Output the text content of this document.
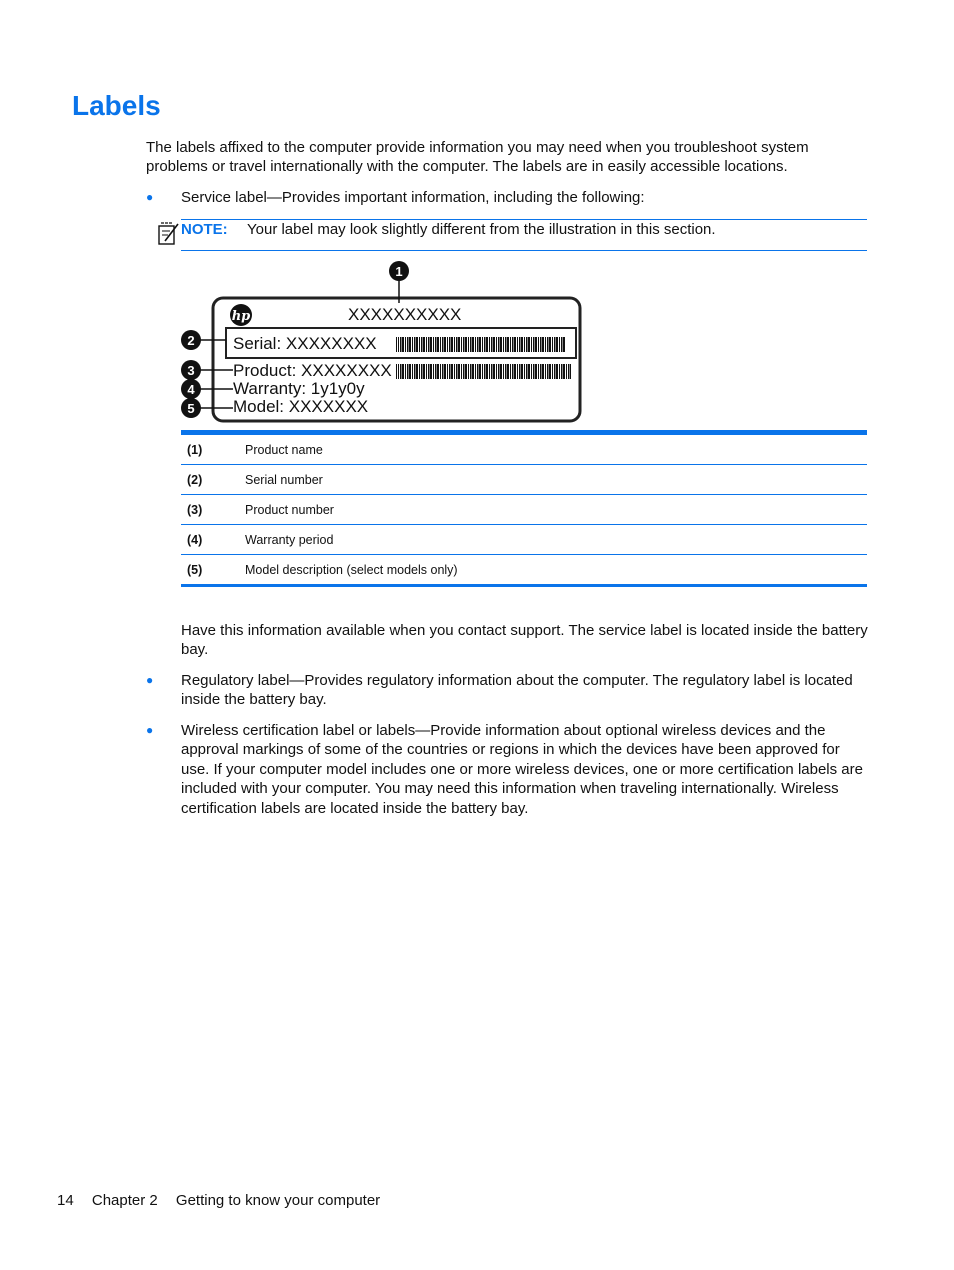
Labels

The labels affixed to the computer provide information you may need when you troubleshoot system problems or travel internationally with the computer. The labels are in easily accessible locations.

● Service label—Provides important information, including the following:
NOTE: Your label may look slightly different from the illustration in this section.
hp	XXXXXXXXXX
Serial: XXXXXXXX
Product: XXXXXXXX
Warranty: 1y1y0y
Model: XXXXXXX
1
2
3
4
5
(1)	Product name
(2)	Serial number
(3)	Product number
(4)	Warranty period
(5)	Model description (select models only)

Have this information available when you contact support. The service label is located inside the battery bay.

● Regulatory label—Provides regulatory information about the computer. The regulatory label is located inside the battery bay.
● Wireless certification label or labels—Provide information about optional wireless devices and the approval markings of some of the countries or regions in which the devices have been approved for use. If your computer model includes one or more wireless devices, one or more certification labels are included with your computer. You may need this information when traveling internationally. Wireless certification labels are located inside the battery bay.
14 Chapter 2 Getting to know your computer
